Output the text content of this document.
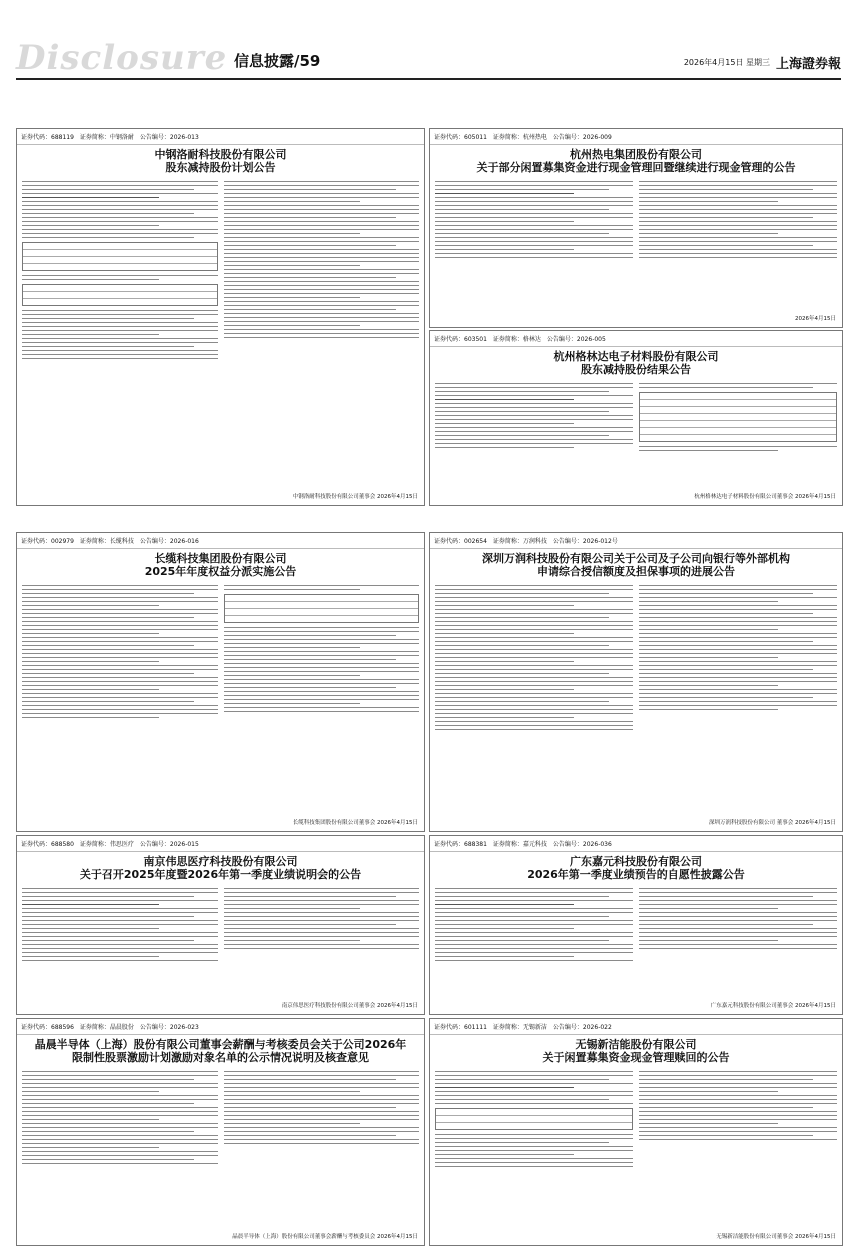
Disclosure 信息披露/59	2026年4月15日 星期三 上海證券報
证券代码：688119 证券简称：中钢洛耐 公告编号：2026-013
中钢洛耐科技股份有限公司
股东减持股份计划公告
中钢洛耐科技股份有限公司董事会 2026年4月15日
证券代码：605011 证券简称：杭州热电 公告编号：2026-009
杭州热电集团股份有限公司
关于部分闲置募集资金进行现金管理回暨继续进行现金管理的公告
2026年4月15日
证券代码：603501 证券简称：格林达 公告编号：2026-005
杭州格林达电子材料股份有限公司
股东减持股份结果公告
杭州格林达电子材料股份有限公司董事会 2026年4月15日
证券代码：002979 证券简称：长缆科技 公告编号：2026-016
长缆科技集团股份有限公司
2025年年度权益分派实施公告
长缆科技集团股份有限公司董事会 2026年4月15日
证券代码：002654 证券简称：万润科技 公告编号：2026-012号
深圳万润科技股份有限公司关于公司及子公司向银行等外部机构
申请综合授信额度及担保事项的进展公告
深圳万润科技股份有限公司 董事会 2026年4月15日
证券代码：688580 证券简称：伟思医疗 公告编号：2026-015
南京伟思医疗科技股份有限公司
关于召开2025年度暨2026年第一季度业绩说明会的公告
南京伟思医疗科技股份有限公司董事会 2026年4月15日
证券代码：688381 证券简称：嘉元科技 公告编号：2026-036
广东嘉元科技股份有限公司
2026年第一季度业绩预告的自愿性披露公告
广东嘉元科技股份有限公司董事会 2026年4月15日
证券代码：688596 证券简称：晶晨股份 公告编号：2026-023
晶晨半导体（上海）股份有限公司董事会薪酬与考核委员会关于公司2026年
限制性股票激励计划激励对象名单的公示情况说明及核查意见
晶晨半导体（上海）股份有限公司董事会薪酬与考核委员会 2026年4月15日
证券代码：601111 证券简称：无锡新洁 公告编号：2026-022
无锡新洁能股份有限公司
关于闲置募集资金现金管理赎回的公告
无锡新洁能股份有限公司董事会 2026年4月15日
